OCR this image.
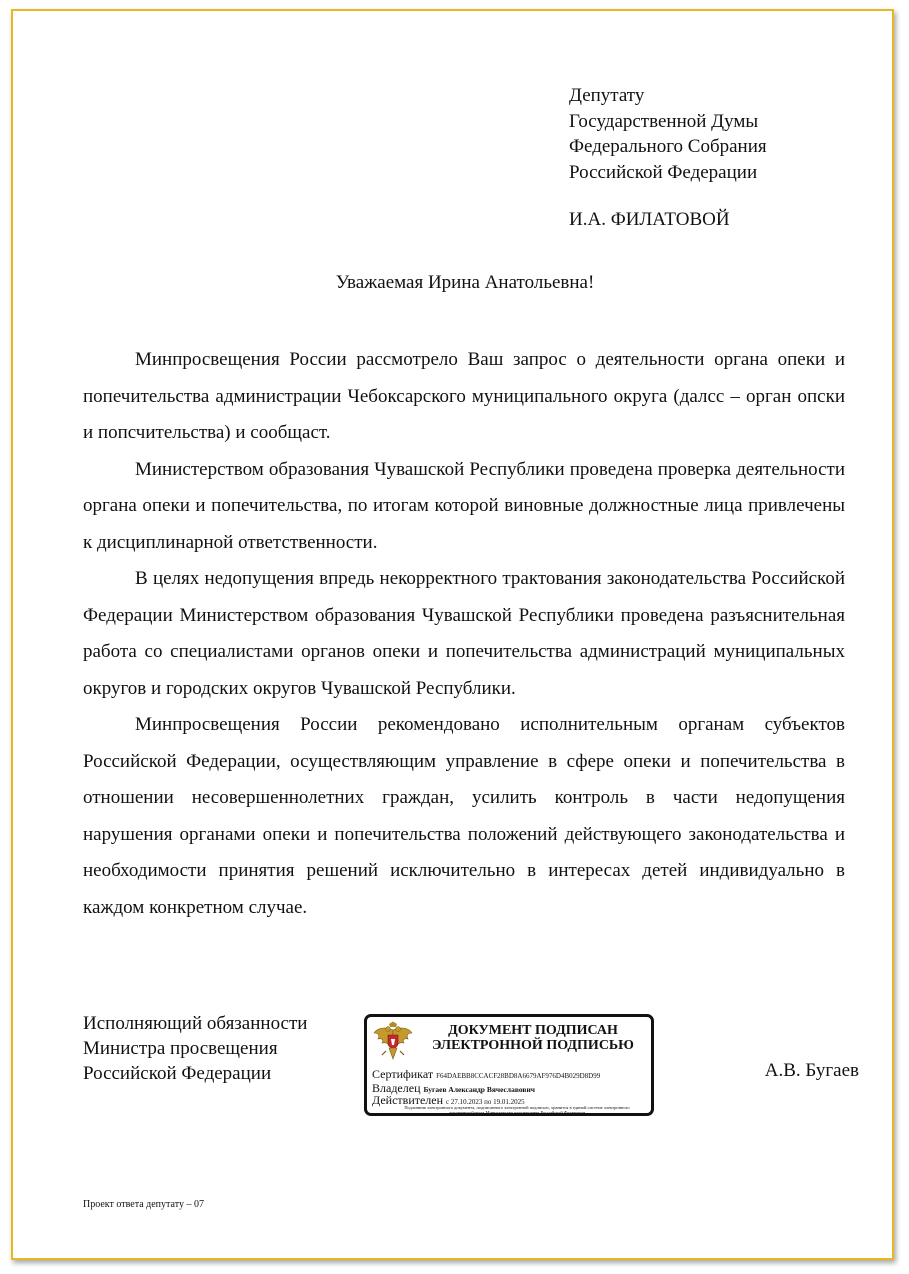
Депутату
Государственной Думы
Федерального Собрания
Российской Федерации
И.А. ФИЛАТОВОЙ
Уважаемая Ирина Анатольевна!

Минпросвещения России рассмотрело Ваш запрос о деятельности органа опеки и попечительства администрации Чебоксарского муниципального округа (далсс – орган опски и попсчительства) и сообщаст.

Министерством образования Чувашской Республики проведена проверка деятельности органа опеки и попечительства, по итогам которой виновные должностные лица привлечены к дисциплинарной ответственности.

В целях недопущения впредь некорректного трактования законодательства Российской Федерации Министерством образования Чувашской Республики проведена разъяснительная работа со специалистами органов опеки и попечительства администраций муниципальных округов и городских округов Чувашской Республики.

Минпросвещения России рекомендовано исполнительным органам субъектов Российской Федерации, осуществляющим управление в сфере опеки и попечительства в отношении несовершеннолетних граждан, усилить контроль в части недопущения нарушения органами опеки и попечительства положений действующего законодательства и необходимости принятия решений исключительно в интересах детей индивидуально в каждом конкретном случае.

Исполняющий обязанности
Министра просвещения
Российской Федерации
ДОКУМЕНТ ПОДПИСАН
ЭЛЕКТРОННОЙ ПОДПИСЬЮ
Сертификат F64DAEBB8CCACF28BD8A6679AF976D4B029D8D99
Владелец Бугаев Александр Вячеславович
Действителен с 27.10.2023 по 19.01.2025
Подлинник электронного документа, подписанного электронной подписью, хранится в единой системе электронного документооборота Министерства просвещения Российской Федерации
А.В. Бугаев
Проект ответа депутату – 07
